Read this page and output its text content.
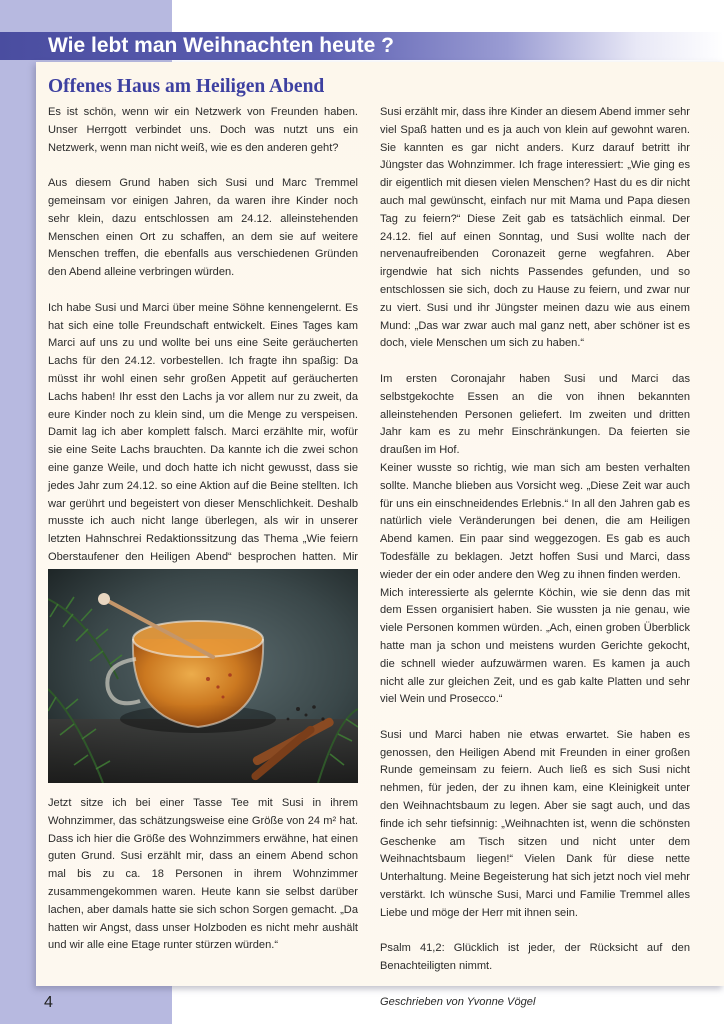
Wie lebt man Weihnachten heute ?
Offenes Haus am Heiligen Abend

Es ist schön, wenn wir ein Netzwerk von Freunden haben. Unser Herrgott verbindet uns. Doch was nutzt uns ein Netzwerk, wenn man nicht weiß, wie es den anderen geht?

Aus diesem Grund haben sich Susi und Marc Tremmel gemeinsam vor einigen Jahren, da waren ihre Kinder noch sehr klein, dazu entschlossen am 24.12. alleinstehenden Menschen einen Ort zu schaffen, an dem sie auf weitere Menschen treffen, die ebenfalls aus verschiedenen Gründen den Abend alleine verbringen würden.

Ich habe Susi und Marci über meine Söhne kennengelernt. Es hat sich eine tolle Freundschaft entwickelt. Eines Tages kam Marci auf uns zu und wollte bei uns eine Seite geräucherten Lachs für den 24.12. vorbestellen. Ich fragte ihn spaßig: Da müsst ihr wohl einen sehr großen Appetit auf geräucherten Lachs haben! Ihr esst den Lachs ja vor allem nur zu zweit, da eure Kinder noch zu klein sind, um die Menge zu verspeisen. Damit lag ich aber komplett falsch. Marci erzählte mir, wofür sie eine Seite Lachs brauchten. Da kannte ich die zwei schon eine ganze Weile, und doch hatte ich nicht gewusst, dass sie jedes Jahr zum 24.12. so eine Aktion auf die Beine stellten. Ich war gerührt und begeistert von dieser Menschlichkeit. Deshalb musste ich auch nicht lange überlegen, als wir in unserer letzten Hahnschrei Redaktionssitzung das Thema „Wie feiern Oberstaufener den Heiligen Abend“ besprochen hatten. Mir

Jetzt sitze ich bei einer Tasse Tee mit Susi in ihrem Wohnzimmer, das schätzungsweise eine Größe von 24 m² hat. Dass ich hier die Größe des Wohnzimmers erwähne, hat einen guten Grund. Susi erzählt mir, dass an einem Abend schon mal bis zu ca. 18 Personen in ihrem Wohnzimmer zusammengekommen waren. Heute kann sie selbst darüber lachen, aber damals hatte sie sich schon Sorgen gemacht. „Da hatten wir Angst, dass unser Holzboden es nicht mehr aushält und wir alle eine Etage runter stürzen würden.“

Susi erzählt mir, dass ihre Kinder an diesem Abend immer sehr viel Spaß hatten und es ja auch von klein auf gewohnt waren. Sie kannten es gar nicht anders. Kurz darauf betritt ihr Jüngster das Wohnzimmer. Ich frage interessiert: „Wie ging es dir eigentlich mit diesen vielen Menschen? Hast du es dir nicht auch mal gewünscht, einfach nur mit Mama und Papa diesen Tag zu feiern?“ Diese Zeit gab es tatsächlich einmal. Der 24.12. fiel auf einen Sonntag, und Susi wollte nach der nervenaufreibenden Coronazeit gerne wegfahren. Aber irgendwie hat sich nichts Passendes gefunden, und so entschlossen sie sich, doch zu Hause zu feiern, und zwar nur zu viert. Susi und ihr Jüngster meinen dazu wie aus einem Mund: „Das war zwar auch mal ganz nett, aber schöner ist es doch, viele Menschen um sich zu haben.“

Im ersten Coronajahr haben Susi und Marci das selbstgekochte Essen an die von ihnen bekannten alleinstehenden Personen geliefert. Im zweiten und dritten Jahr kam es zu mehr Einschränkungen. Da feierten sie draußen im Hof.

Keiner wusste so richtig, wie man sich am besten verhalten sollte. Manche blieben aus Vorsicht weg. „Diese Zeit war auch für uns ein einschneidendes Erlebnis.“ In all den Jahren gab es natürlich viele Veränderungen bei denen, die am Heiligen Abend kamen. Ein paar sind weggezogen. Es gab es auch Todesfälle zu beklagen. Jetzt hoffen Susi und Marci, dass wieder der ein oder andere den Weg zu ihnen finden werden.

Mich interessierte als gelernte Köchin, wie sie denn das mit dem Essen organisiert haben. Sie wussten ja nie genau, wie viele Personen kommen würden. „Ach, einen groben Überblick hatte man ja schon und meistens wurden Gerichte gekocht, die schnell wieder aufzuwärmen waren. Es kamen ja auch nicht alle zur gleichen Zeit, und es gab kalte Platten und sehr viel Wein und Prosecco.“

Susi und Marci haben nie etwas erwartet. Sie haben es genossen, den Heiligen Abend mit Freunden in einer großen Runde gemeinsam zu feiern. Auch ließ es sich Susi nicht nehmen, für jeden, der zu ihnen kam, eine Kleinigkeit unter den Weihnachtsbaum zu legen. Aber sie sagt auch, und das finde ich sehr tiefsinnig: „Weihnachten ist, wenn die schönsten Geschenke am Tisch sitzen und nicht unter dem Weihnachtsbaum liegen!“ Vielen Dank für diese nette Unterhaltung. Meine Begeisterung hat sich jetzt noch viel mehr verstärkt. Ich wünsche Susi, Marci und Familie Tremmel alles Liebe und möge der Herr mit ihnen sein.

Psalm 41,2: Glücklich ist jeder, der Rücksicht auf den Benachteiligten nimmt.

Geschrieben von Yvonne Vögel

4
